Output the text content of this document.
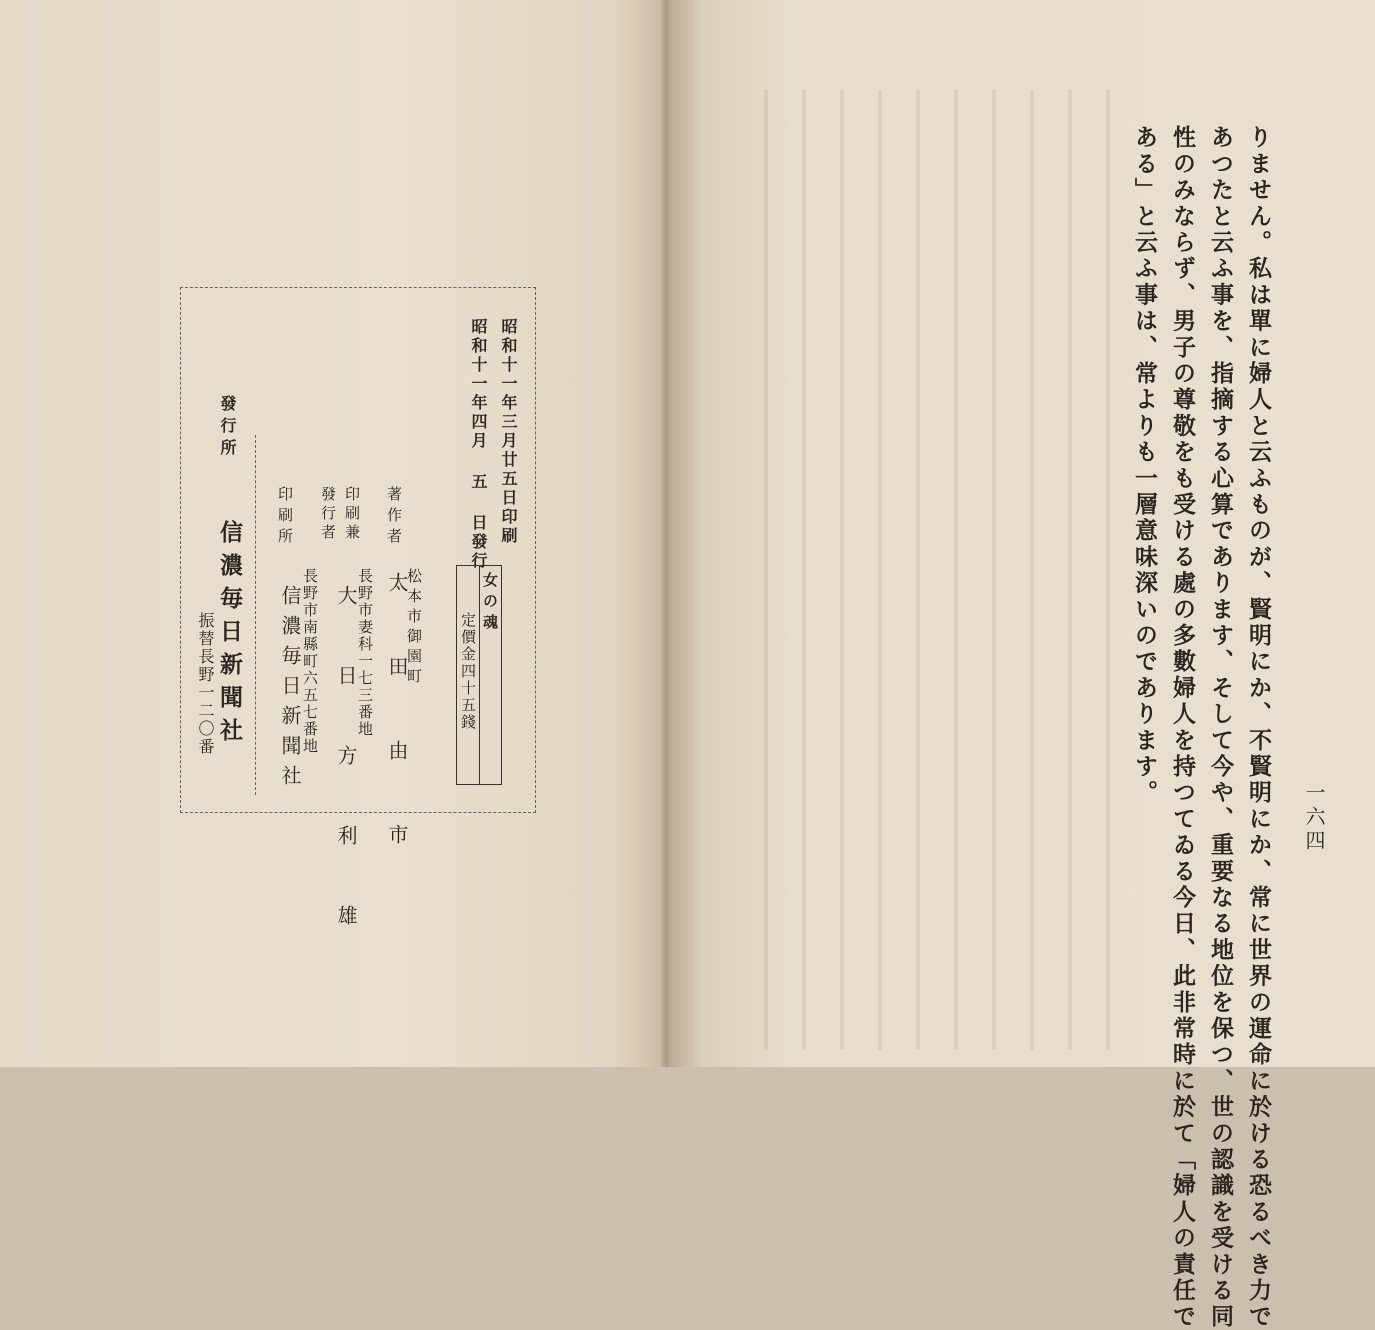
昭和十一年三月廿五日印刷
昭和十一年四月 五 日發行
女の魂
定價金四十五錢
著作者
松本市御園町
太 田 由 市
印刷兼
發行者
長野市妻科一七三番地
大 日 方 利 雄
印刷所
長野市南縣町六五七番地
信濃毎日新聞社
發行所
信濃毎日新聞社
振替長野一二〇番	りません。私は單に婦人と云ふものが、賢明にか、不賢明にか、常に世界の運命に於ける恐るべき力で
あつたと云ふ事を、指摘する心算であります、そして今や、重要なる地位を保つ、世の認識を受ける同
性のみならず、男子の尊敬をも受ける處の多數婦人を持つてゐる今日、此非常時に於て「婦人の責任で
ある」と云ふ事は、常よりも一層意味深いのであります。
一六四
